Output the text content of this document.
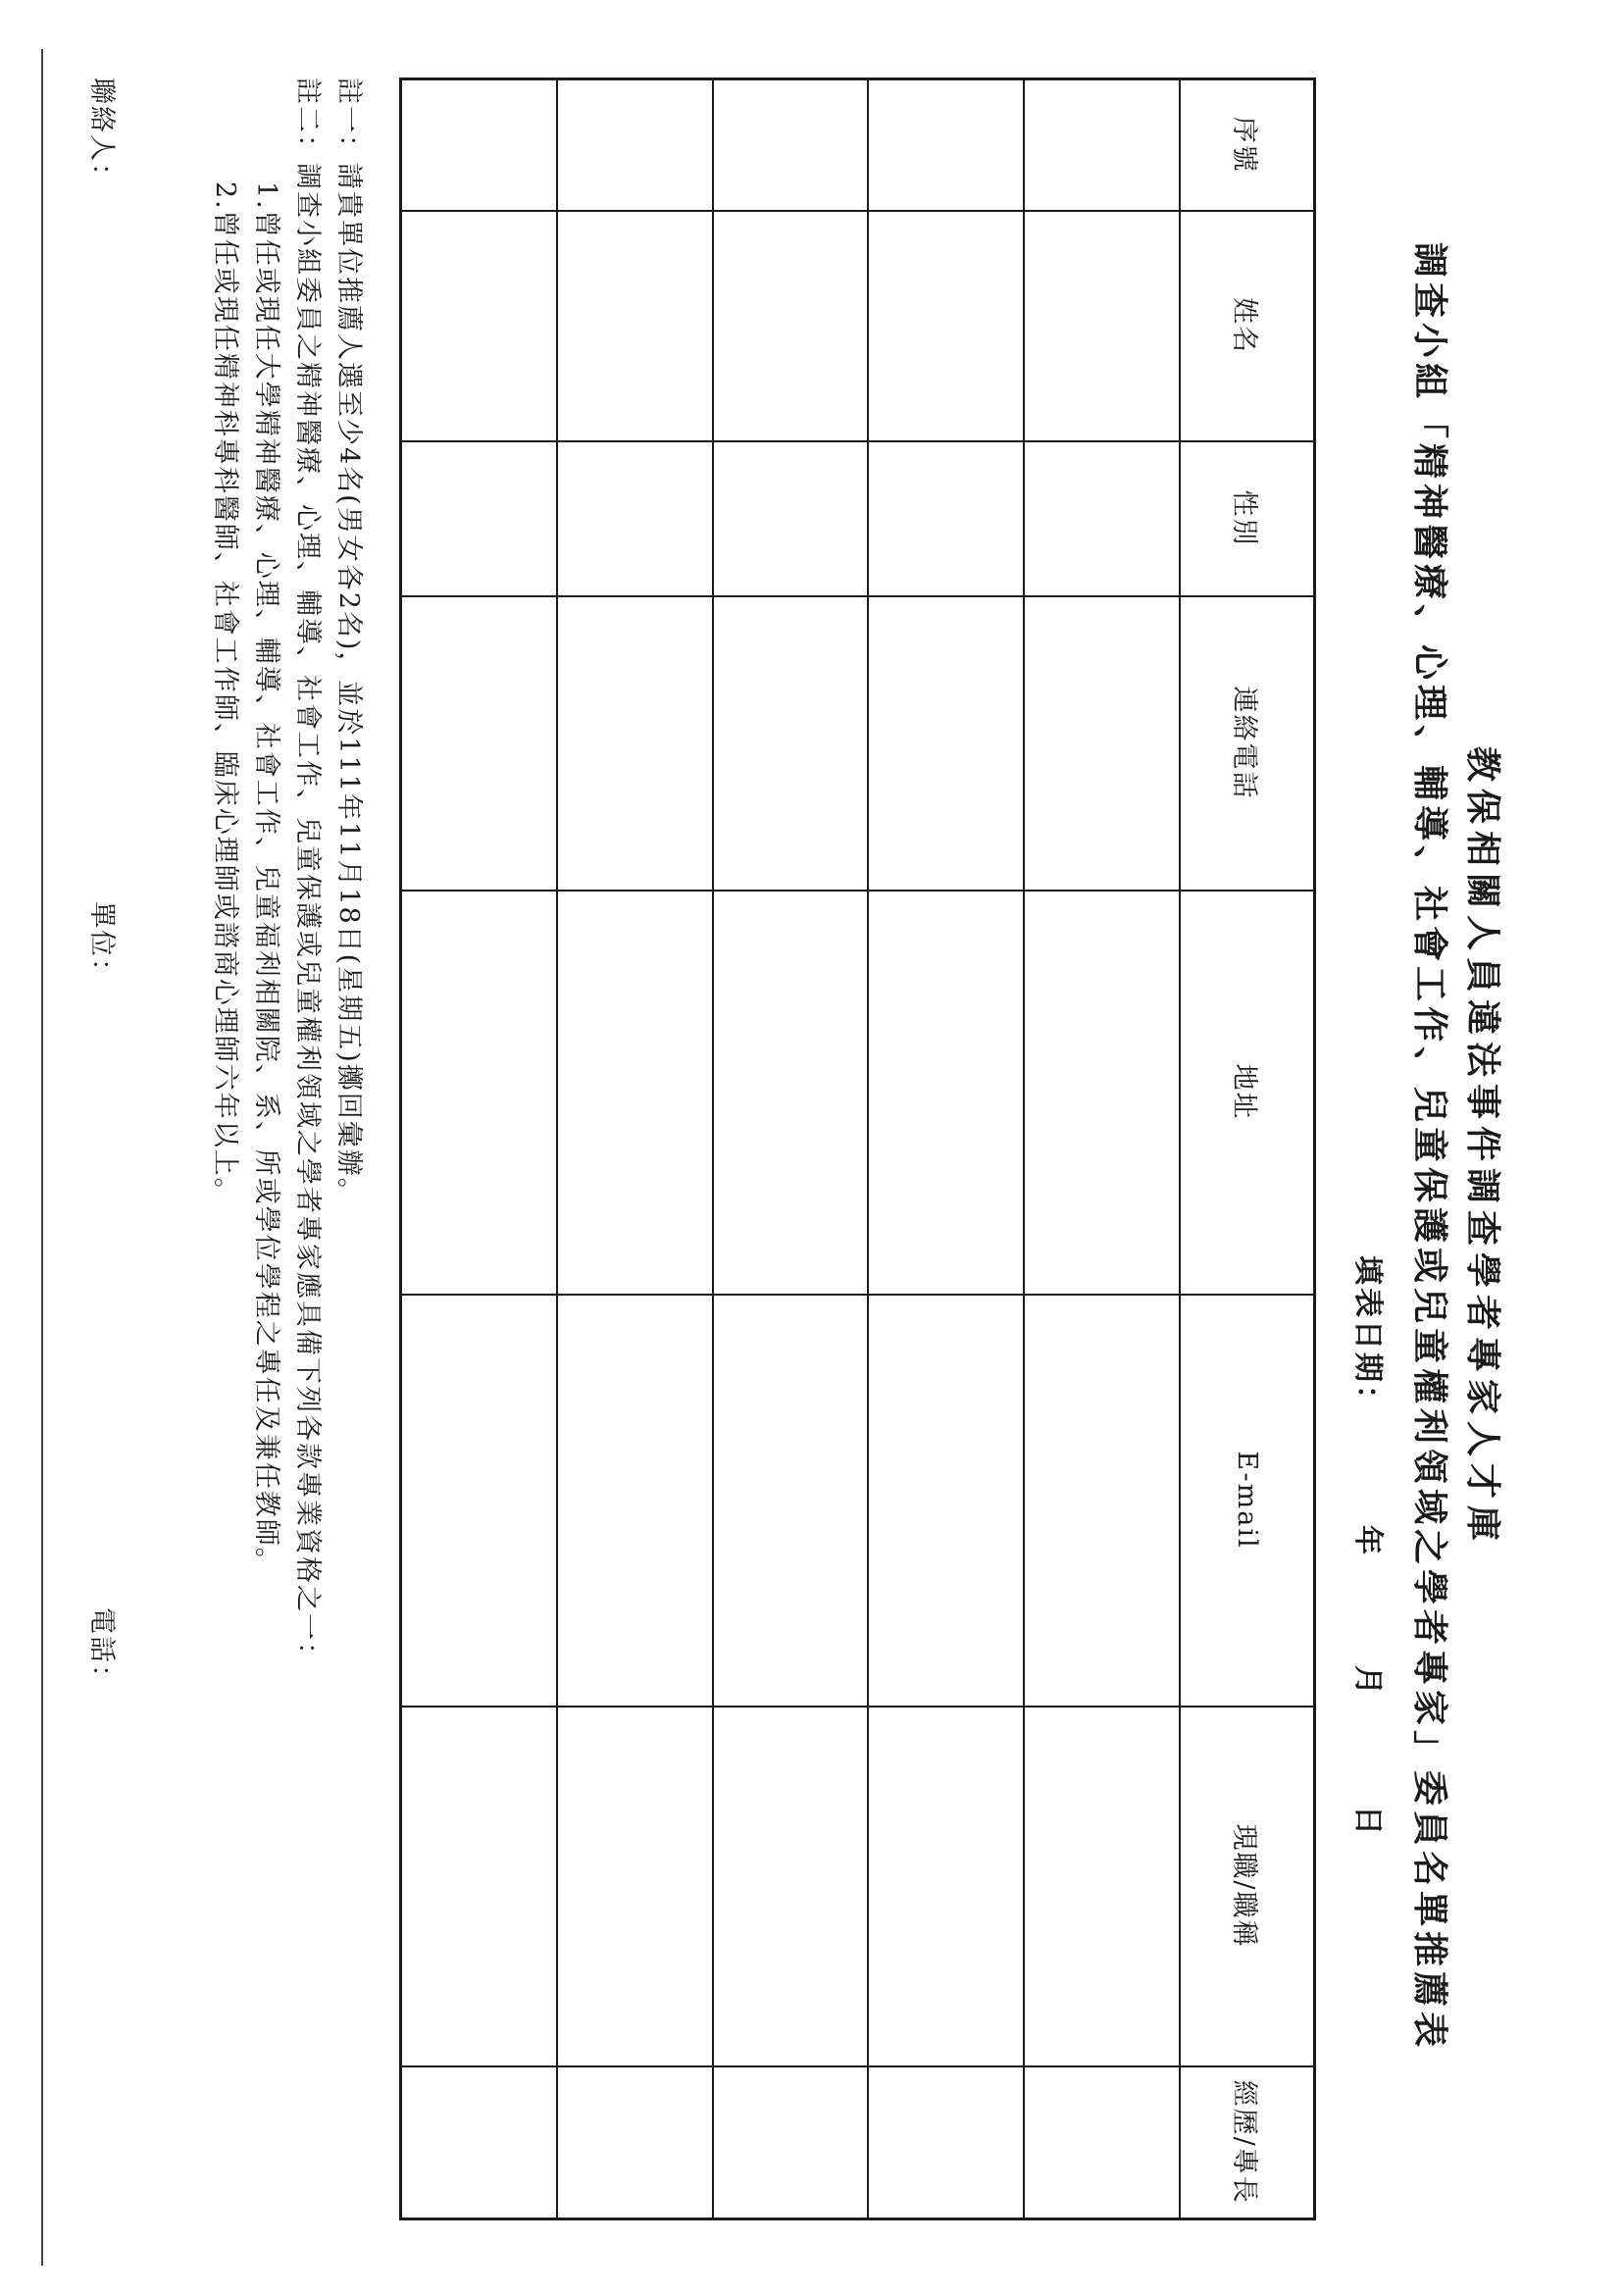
教保相關人員違法事件調查學者專家人才庫
調查小組「精神醫療、心理、輔導、社會工作、兒童保護或兒童權利領域之學者專家」委員名單推薦表
填表日期：年月日
序號	姓名	性別	連絡電話	地址	E-mail	現職/職稱	經歷/專長

註一：請貴單位推薦人選至少4名(男女各2名)，並於111年11月18日(星期五)擲回彙辦。
註二：調查小組委員之精神醫療、心理、輔導、社會工作、兒童保護或兒童權利領域之學者專家應具備下列各款專業資格之一：
1.曾任或現任大學精神醫療、心理、輔導、社會工作、兒童福利相關院、系、所或學位學程之專任及兼任教師。
2.曾任或現任精神科專科醫師、社會工作師、臨床心理師或諮商心理師六年以上。
聯絡人：
單位：
電話：
